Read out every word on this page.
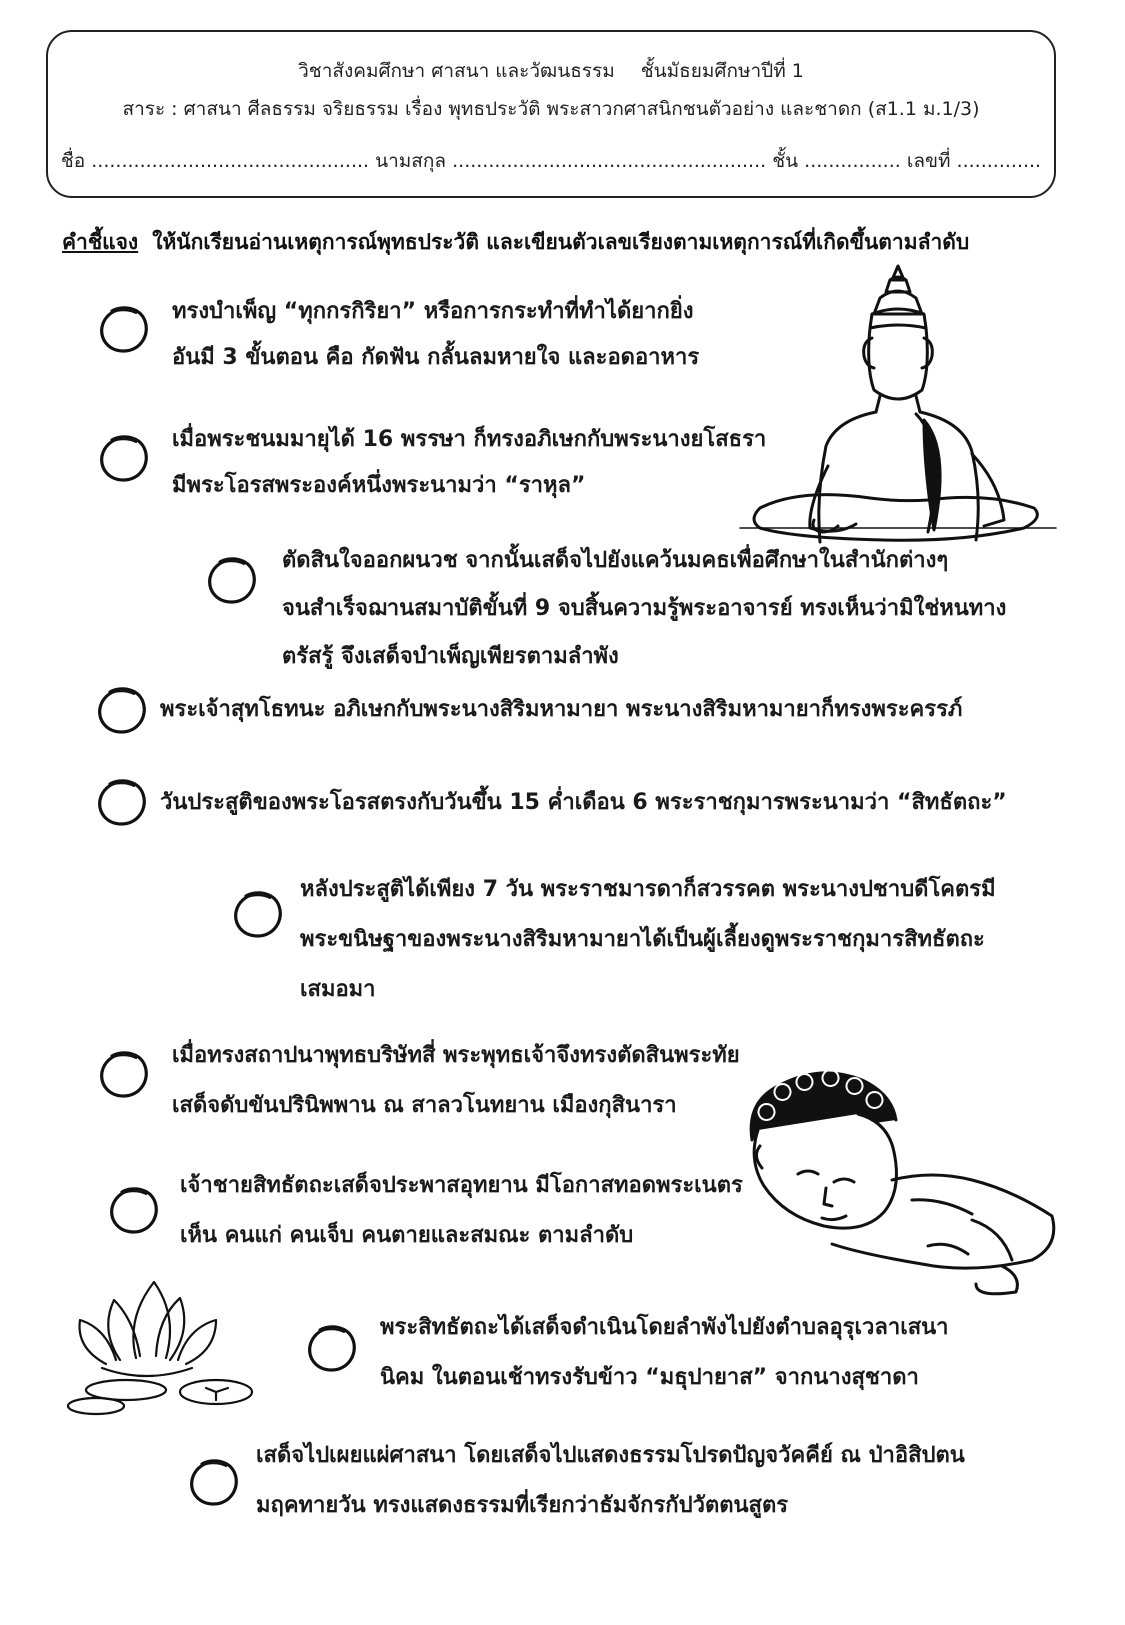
วิชาสังคมศึกษา ศาสนา และวัฒนธรรม ชั้นมัธยมศึกษาปีที่ 1
สาระ : ศาสนา ศีลธรรม จริยธรรม เรื่อง พุทธประวัติ พระสาวกศาสนิกชนตัวอย่าง และชาดก (ส1.1 ม.1/3)
ชื่อ .............................................. นามสกุล .................................................... ชั้น ................ เลขที่ ..............
คำชี้แจง ให้นักเรียนอ่านเหตุการณ์พุทธประวัติ และเขียนตัวเลขเรียงตามเหตุการณ์ที่เกิดขึ้นตามลำดับ
ทรงบำเพ็ญ “ทุกกรกิริยา” หรือการกระทำที่ทำได้ยากยิ่ง
อันมี 3 ขั้นตอน คือ กัดฟัน กลั้นลมหายใจ และอดอาหาร
เมื่อพระชนมมายุได้ 16 พรรษา ก็ทรงอภิเษกกับพระนางยโสธรา
มีพระโอรสพระองค์หนึ่งพระนามว่า “ราหุล”
ตัดสินใจออกผนวช จากนั้นเสด็จไปยังแคว้นมคธเพื่อศึกษาในสำนักต่างๆ
จนสำเร็จฌานสมาบัติขั้นที่ 9 จบสิ้นความรู้พระอาจารย์ ทรงเห็นว่ามิใช่หนทาง
ตรัสรู้ จึงเสด็จบำเพ็ญเพียรตามลำพัง
พระเจ้าสุทโธทนะ อภิเษกกับพระนางสิริมหามายา พระนางสิริมหามายาก็ทรงพระครรภ์
วันประสูติของพระโอรสตรงกับวันขึ้น 15 ค่ำเดือน 6 พระราชกุมารพระนามว่า “สิทธัตถะ”
หลังประสูติได้เพียง 7 วัน พระราชมารดาก็สวรรคต พระนางปชาบดีโคตรมี
พระขนิษฐาของพระนางสิริมหามายาได้เป็นผู้เลี้ยงดูพระราชกุมารสิทธัตถะ
เสมอมา
เมื่อทรงสถาปนาพุทธบริษัทสี่ พระพุทธเจ้าจึงทรงตัดสินพระทัย
เสด็จดับขันปรินิพพาน ณ สาลวโนทยาน เมืองกุสินารา
เจ้าชายสิทธัตถะเสด็จประพาสอุทยาน มีโอกาสทอดพระเนตร
เห็น คนแก่ คนเจ็บ คนตายและสมณะ ตามลำดับ
พระสิทธัตถะได้เสด็จดำเนินโดยลำพังไปยังตำบลอุรุเวลาเสนา
นิคม ในตอนเช้าทรงรับข้าว “มธุปายาส” จากนางสุชาดา
เสด็จไปเผยแผ่ศาสนา โดยเสด็จไปแสดงธรรมโปรดปัญจวัคคีย์ ณ ป่าอิสิปตน
มฤคทายวัน ทรงแสดงธรรมที่เรียกว่าธัมจักรกัปวัตตนสูตร
